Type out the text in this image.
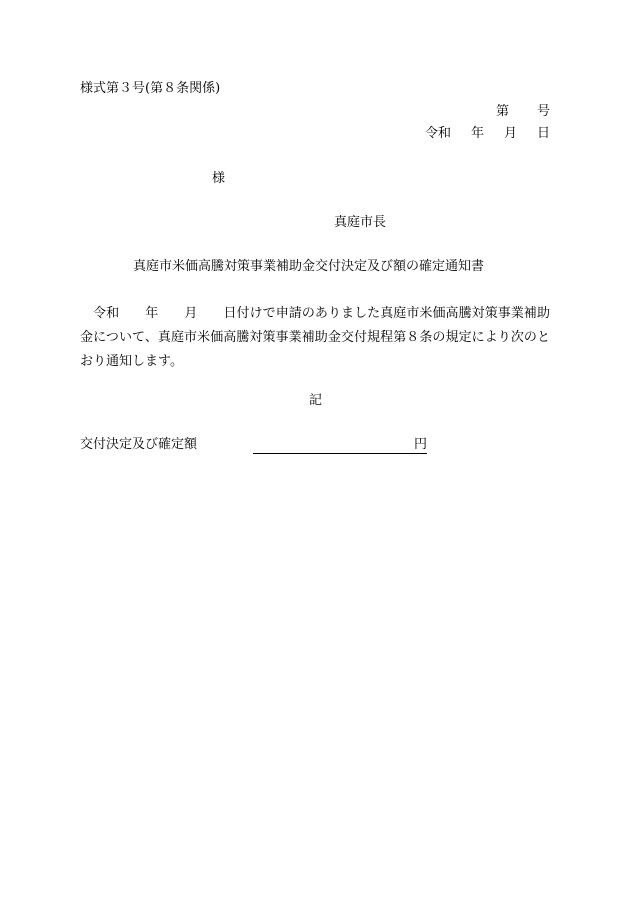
様式第３号(第８条関係)
第 号
令和 年 月 日
様
真庭市長
真庭市米価高騰対策事業補助金交付決定及び額の確定通知書
令和 年 月 日付けで申請のありました真庭市米価高騰対策事業補助金について、真庭市米価高騰対策事業補助金交付規程第８条の規定により次のとおり通知します。
記
交付決定及び確定額	円
